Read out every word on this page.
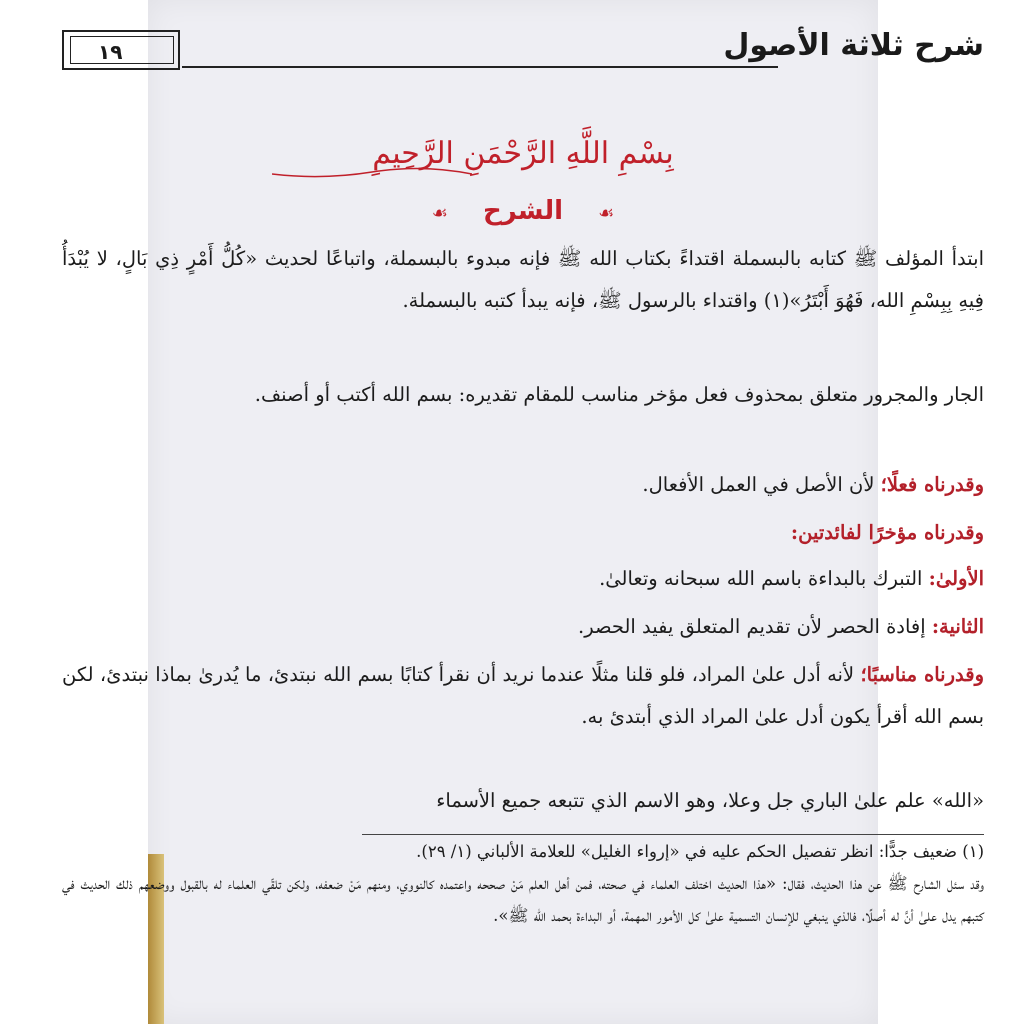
شرح ثلاثة الأصول
١٩
بِسْمِ اللَّهِ الرَّحْمَنِ الرَّحِيمِ
☙ الشرح ☙
ابتدأ المؤلف ﷺ كتابه بالبسملة اقتداءً بكتاب الله ﷺ فإنه مبدوء بالبسملة، واتباعًا لحديث «كُلُّ أَمْرٍ ذِي بَالٍ، لا يُبْدَأُ فِيهِ بِبِسْمِ الله، فَهُوَ أَبْتَرُ»(١) واقتداء بالرسول ﷺ، فإنه يبدأ كتبه بالبسملة.
الجار والمجرور متعلق بمحذوف فعل مؤخر مناسب للمقام تقديره: بسم الله أكتب أو أصنف.
وقدرناه فعلًا؛ لأن الأصل في العمل الأفعال.
وقدرناه مؤخرًا لفائدتين:
الأولىٰ: التبرك بالبداءة باسم الله سبحانه وتعالىٰ.
الثانية: إفادة الحصر لأن تقديم المتعلق يفيد الحصر.
وقدرناه مناسبًا؛ لأنه أدل علىٰ المراد، فلو قلنا مثلًا عندما نريد أن نقرأ كتابًا بسم الله نبتدئ، ما يُدرىٰ بماذا نبتدئ، لكن بسم الله أقرأ يكون أدل علىٰ المراد الذي أبتدئ به.
«الله» علم علىٰ الباري جل وعلا، وهو الاسم الذي تتبعه جميع الأسماء
(١) ضعيف جدًّا: انظر تفصيل الحكم عليه في «إرواء الغليل» للعلامة الألباني (١/ ٢٩).
وقد سئل الشارح ﷺ عن هذا الحديث، فقال: «هذا الحديث اختلف العلماء في صحته، فمن أهل العلم مَنْ صححه واعتمده كالنووي، ومنهم مَنْ ضعفه، ولكن تلقّي العلماء له بالقبول ووضعهم ذلك الحديث في كتبهم يدل علىٰ أنَّ له أصلًا، فالذي ينبغي للإنسان التسمية علىٰ كل الأمور المهمة، أو البداءة بحمد الله ﷺ».
